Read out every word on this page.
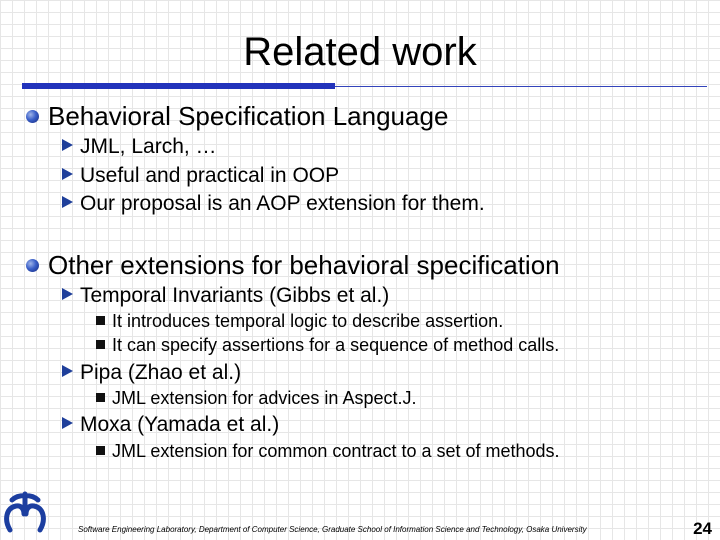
Related work
Behavioral Specification Language
JML, Larch, …
Useful and practical in OOP
Our proposal is an AOP extension for them.
Other extensions for behavioral specification
Temporal Invariants (Gibbs et al.)
It introduces temporal logic to describe assertion.
It can specify assertions for a sequence of method calls.
Pipa (Zhao et al.)
JML extension for advices in Aspect.J.
Moxa (Yamada et al.)
JML extension for common contract to a set of methods.
Software Engineering Laboratory, Department of Computer Science, Graduate School of Information Science and Technology, Osaka University	24
